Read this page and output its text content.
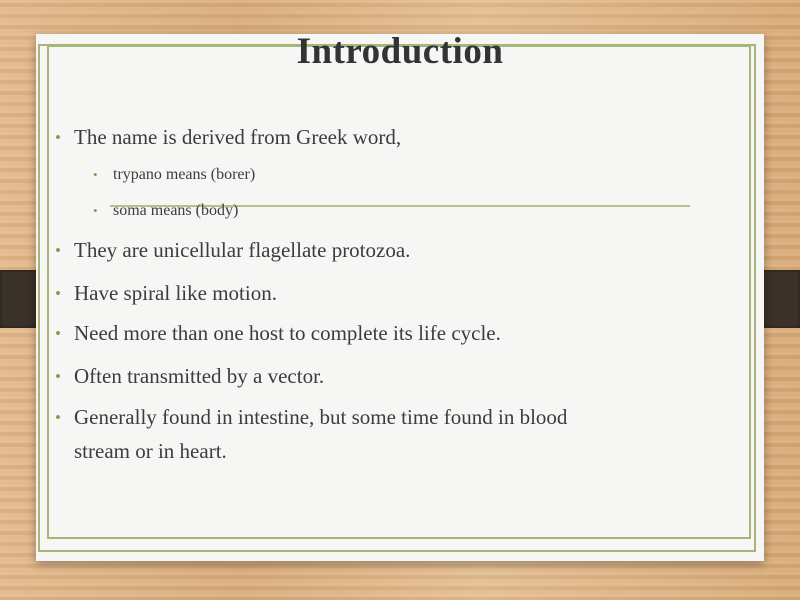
Introduction
• The name is derived from Greek word,
• trypano means (borer)
• soma means (body)
• They are unicellular flagellate protozoa.
• Have spiral like motion.
• Need more than one host to complete its life cycle.
• Often transmitted by a vector.
• Generally found in intestine, but some time found in blood
stream or in heart.
